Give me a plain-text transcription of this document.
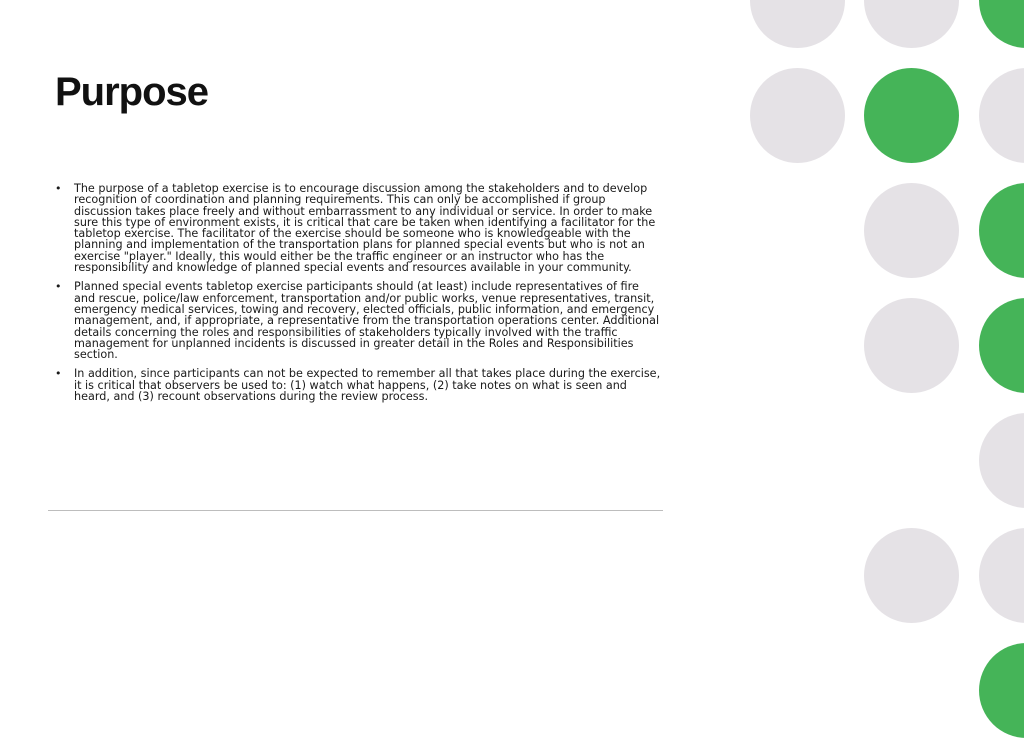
Purpose
• The purpose of a tabletop exercise is to encourage discussion among the stakeholders and to develop recognition of coordination and planning requirements. This can only be accomplished if group discussion takes place freely and without embarrassment to any individual or service. In order to make sure this type of environment exists, it is critical that care be taken when identifying a facilitator for the tabletop exercise. The facilitator of the exercise should be someone who is knowledgeable with the planning and implementation of the transportation plans for planned special events but who is not an exercise "player." Ideally, this would either be the traffic engineer or an instructor who has the responsibility and knowledge of planned special events and resources available in your community.
• Planned special events tabletop exercise participants should (at least) include representatives of fire and rescue, police/law enforcement, transportation and/or public works, venue representatives, transit, emergency medical services, towing and recovery, elected officials, public information, and emergency management, and, if appropriate, a representative from the transportation operations center. Additional details concerning the roles and responsibilities of stakeholders typically involved with the traffic management for unplanned incidents is discussed in greater detail in the Roles and Responsibilities section.
• In addition, since participants can not be expected to remember all that takes place during the exercise, it is critical that observers be used to: (1) watch what happens, (2) take notes on what is seen and heard, and (3) recount observations during the review process.
